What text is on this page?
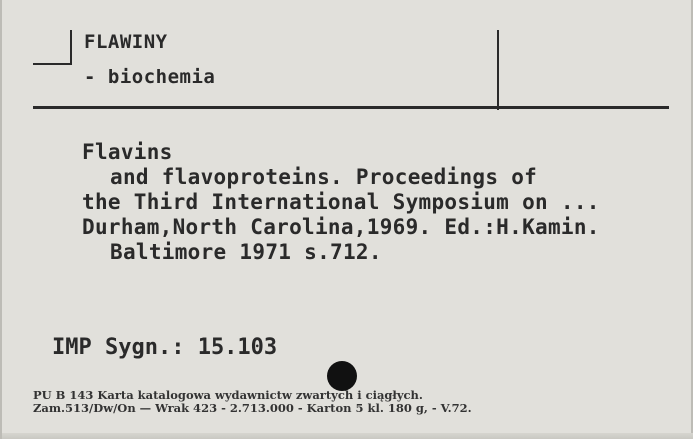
FLAWINY
- biochemia
Flavins
and flavoproteins. Proceedings of
the Third International Symposium on ...
Durham,North Carolina,1969. Ed.:H.Kamin.
Baltimore 1971 s.712.
IMP Sygn.: 15.103
PU B 143 Karta katalogowa wydawnictw zwartych i ciągłych.
Zam.513/Dw/On — Wrak 423 - 2.713.000 - Karton 5 kl. 180 g, - V.72.
